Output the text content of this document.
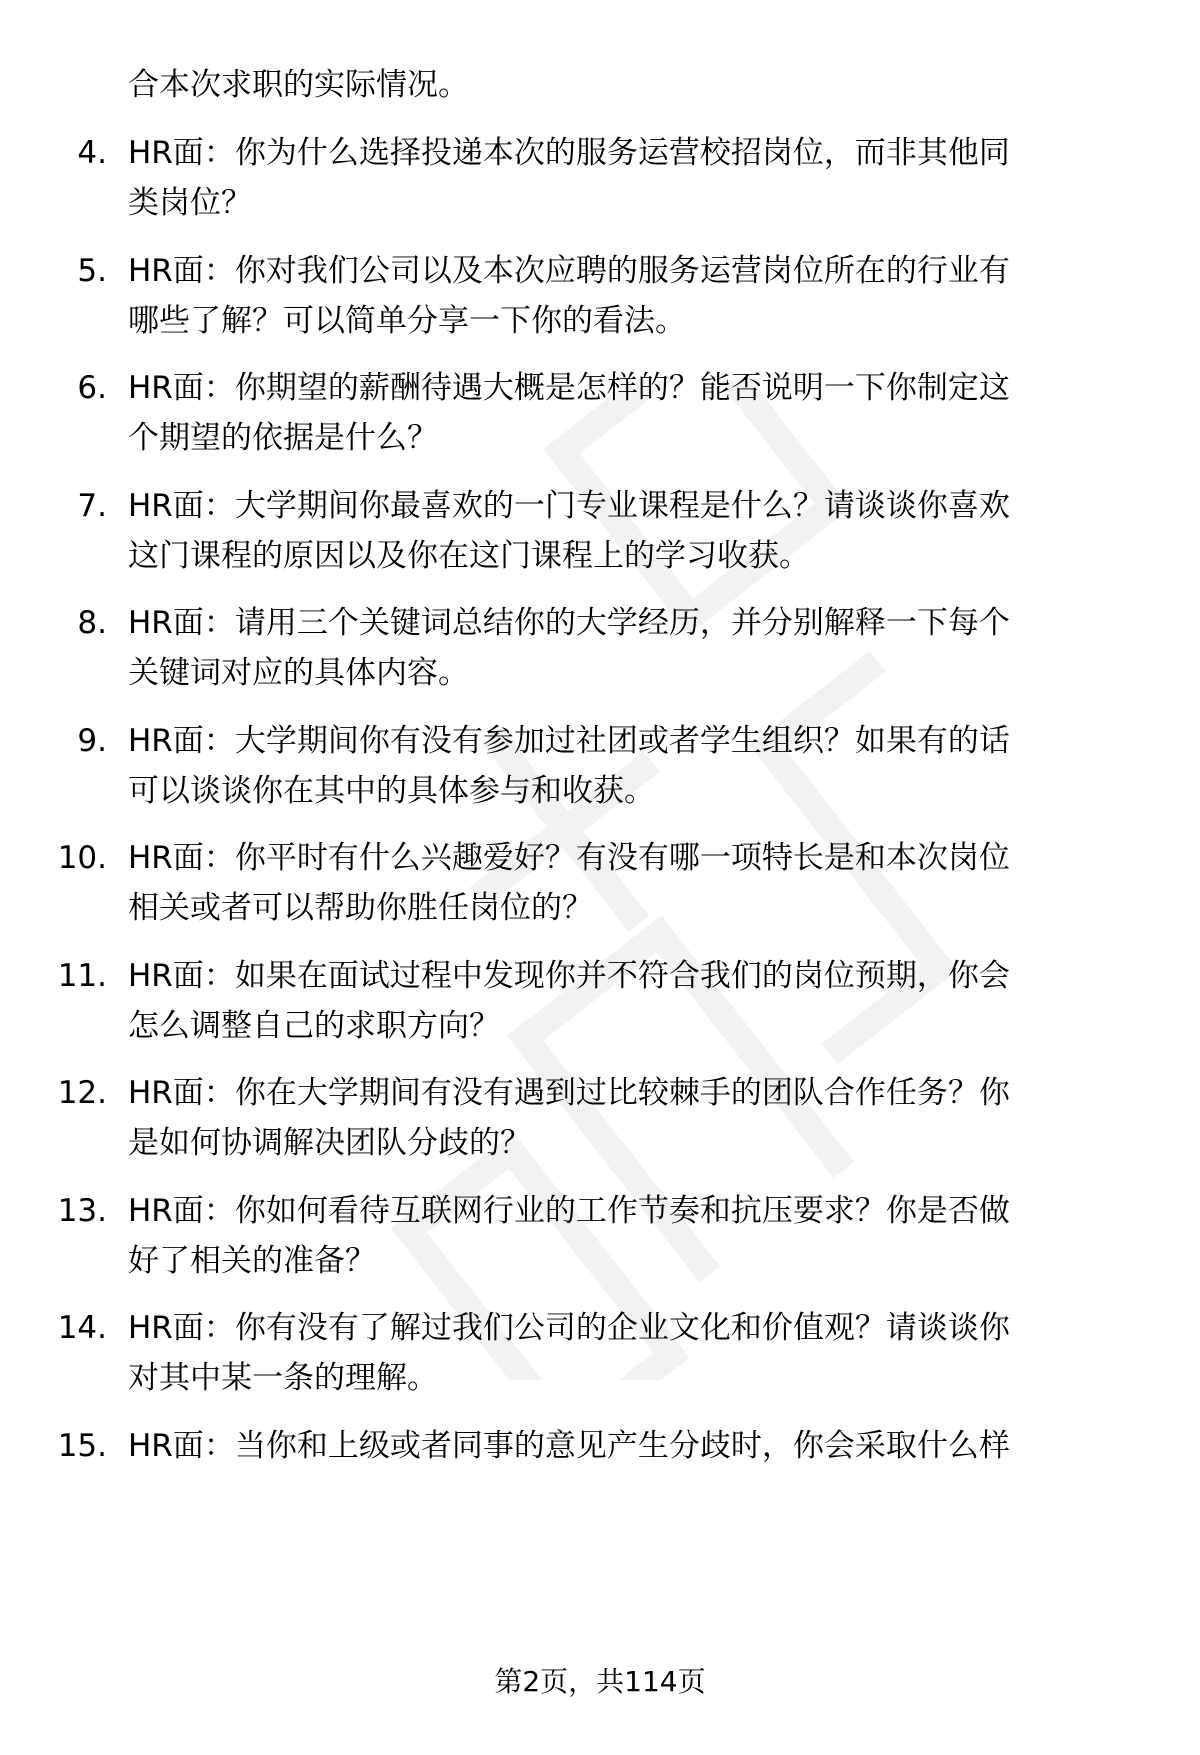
合本次求职的实际情况。
4. HR面：你为什么选择投递本次的服务运营校招岗位，而非其他同
类岗位？
5. HR面：你对我们公司以及本次应聘的服务运营岗位所在的行业有
哪些了解？可以简单分享一下你的看法。
6. HR面：你期望的薪酬待遇大概是怎样的？能否说明一下你制定这
个期望的依据是什么？
7. HR面：大学期间你最喜欢的一门专业课程是什么？请谈谈你喜欢
这门课程的原因以及你在这门课程上的学习收获。
8. HR面：请用三个关键词总结你的大学经历，并分别解释一下每个
关键词对应的具体内容。
9. HR面：大学期间你有没有参加过社团或者学生组织？如果有的话
可以谈谈你在其中的具体参与和收获。
10. HR面：你平时有什么兴趣爱好？有没有哪一项特长是和本次岗位
相关或者可以帮助你胜任岗位的？
11. HR面：如果在面试过程中发现你并不符合我们的岗位预期，你会
怎么调整自己的求职方向？
12. HR面：你在大学期间有没有遇到过比较棘手的团队合作任务？你
是如何协调解决团队分歧的？
13. HR面：你如何看待互联网行业的工作节奏和抗压要求？你是否做
好了相关的准备？
14. HR面：你有没有了解过我们公司的企业文化和价值观？请谈谈你
对其中某一条的理解。
15. HR面：当你和上级或者同事的意见产生分歧时，你会采取什么样
第2页，共114页
